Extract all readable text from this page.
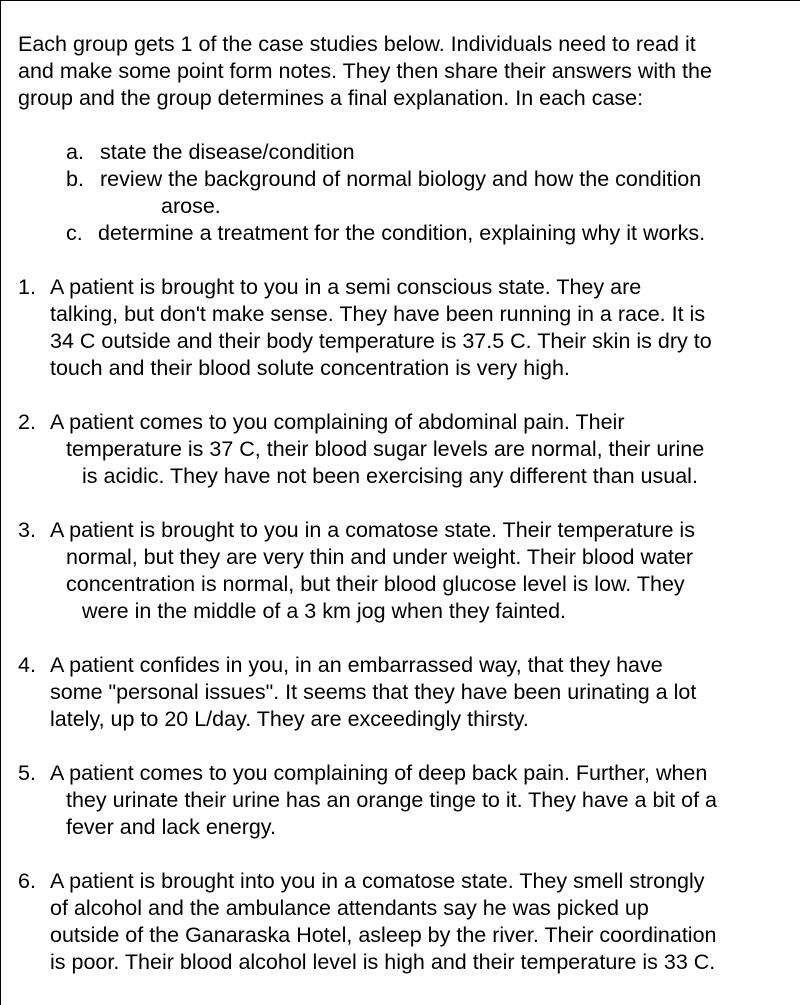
Each group gets 1 of the case studies below. Individuals need to read it
and make some point form notes. They then share their answers with the
group and the group determines a final explanation. In each case:
a. state the disease/condition
b. review the background of normal biology and how the condition
arose.
c. determine a treatment for the condition, explaining why it works.
1. A patient is brought to you in a semi conscious state. They are
talking, but don't make sense. They have been running in a race. It is
34 C outside and their body temperature is 37.5 C. Their skin is dry to
touch and their blood solute concentration is very high.
2. A patient comes to you complaining of abdominal pain. Their
temperature is 37 C, their blood sugar levels are normal, their urine
is acidic. They have not been exercising any different than usual.
3. A patient is brought to you in a comatose state. Their temperature is
normal, but they are very thin and under weight. Their blood water
concentration is normal, but their blood glucose level is low. They
were in the middle of a 3 km jog when they fainted.
4. A patient confides in you, in an embarrassed way, that they have
some "personal issues". It seems that they have been urinating a lot
lately, up to 20 L/day. They are exceedingly thirsty.
5. A patient comes to you complaining of deep back pain. Further, when
they urinate their urine has an orange tinge to it. They have a bit of a
fever and lack energy.
6. A patient is brought into you in a comatose state. They smell strongly
of alcohol and the ambulance attendants say he was picked up
outside of the Ganaraska Hotel, asleep by the river. Their coordination
is poor. Their blood alcohol level is high and their temperature is 33 C.
